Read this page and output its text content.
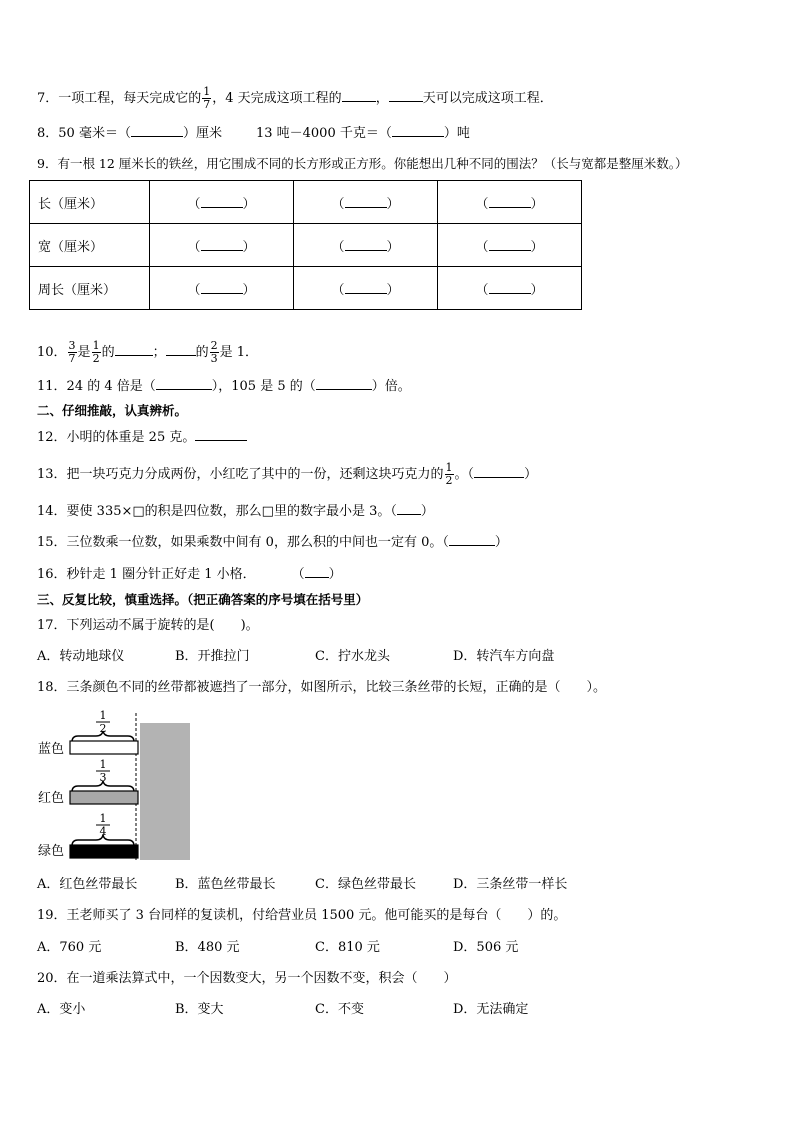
7．一项工程，每天完成它的 $\frac{1}{7}$ ，4 天完成这项工程的	，	天可以完成这项工程．
8．50 毫米＝（	）厘米	13 吨－4000 千克＝（	）吨
9．有一根 12 厘米长的铁丝，用它围成不同的长方形或正方形。你能想出几种不同的围法？（长与宽都是整厘米数。）
长（厘米）	（ ）	（ ）	（ ）
宽（厘米）	（ ）	（ ）	（ ）
周长（厘米）	（ ）	（ ）	（ ）
10． $\frac{3}{7}$ 是 $\frac{1}{2}$ 的	； 的 $\frac{2}{3}$ 是 1．
11．24 的 4 倍是（	），105 是 5 的（	）倍。
二、仔细推敲，认真辨析。
12．小明的体重是 25 克。
13．把一块巧克力分成两份，小红吃了其中的一份，还剩这块巧克力的 $\frac{1}{2}$ 。（	）
14．要使 335×□的积是四位数，那么□里的数字最小是 3。（ ）
15．三位数乘一位数，如果乘数中间有 0，那么积的中间也一定有 0。（	）
16．秒针走 1 圈分针正好走 1 小格．	（ ）
三、反复比较，慎重选择。（把正确答案的序号填在括号里）
17．下列运动不属于旋转的是(　　)。
A．转动地球仪	B．开推拉门	C．拧水龙头	D．转汽车方向盘
18．三条颜色不同的丝带都被遮挡了一部分，如图所示，比较三条丝带的长短，正确的是（　　）。
1
2
蓝色
1
3
红色
1
4
绿色
A．红色丝带最长	B．蓝色丝带最长	C．绿色丝带最长	D．三条丝带一样长
19．王老师买了 3 台同样的复读机，付给营业员 1500 元。他可能买的是每台（　　）的。
A．760 元	B．480 元	C．810 元	D．506 元
20．在一道乘法算式中，一个因数变大，另一个因数不变，积会（　　）
A．变小	B．变大	C．不变	D．无法确定
